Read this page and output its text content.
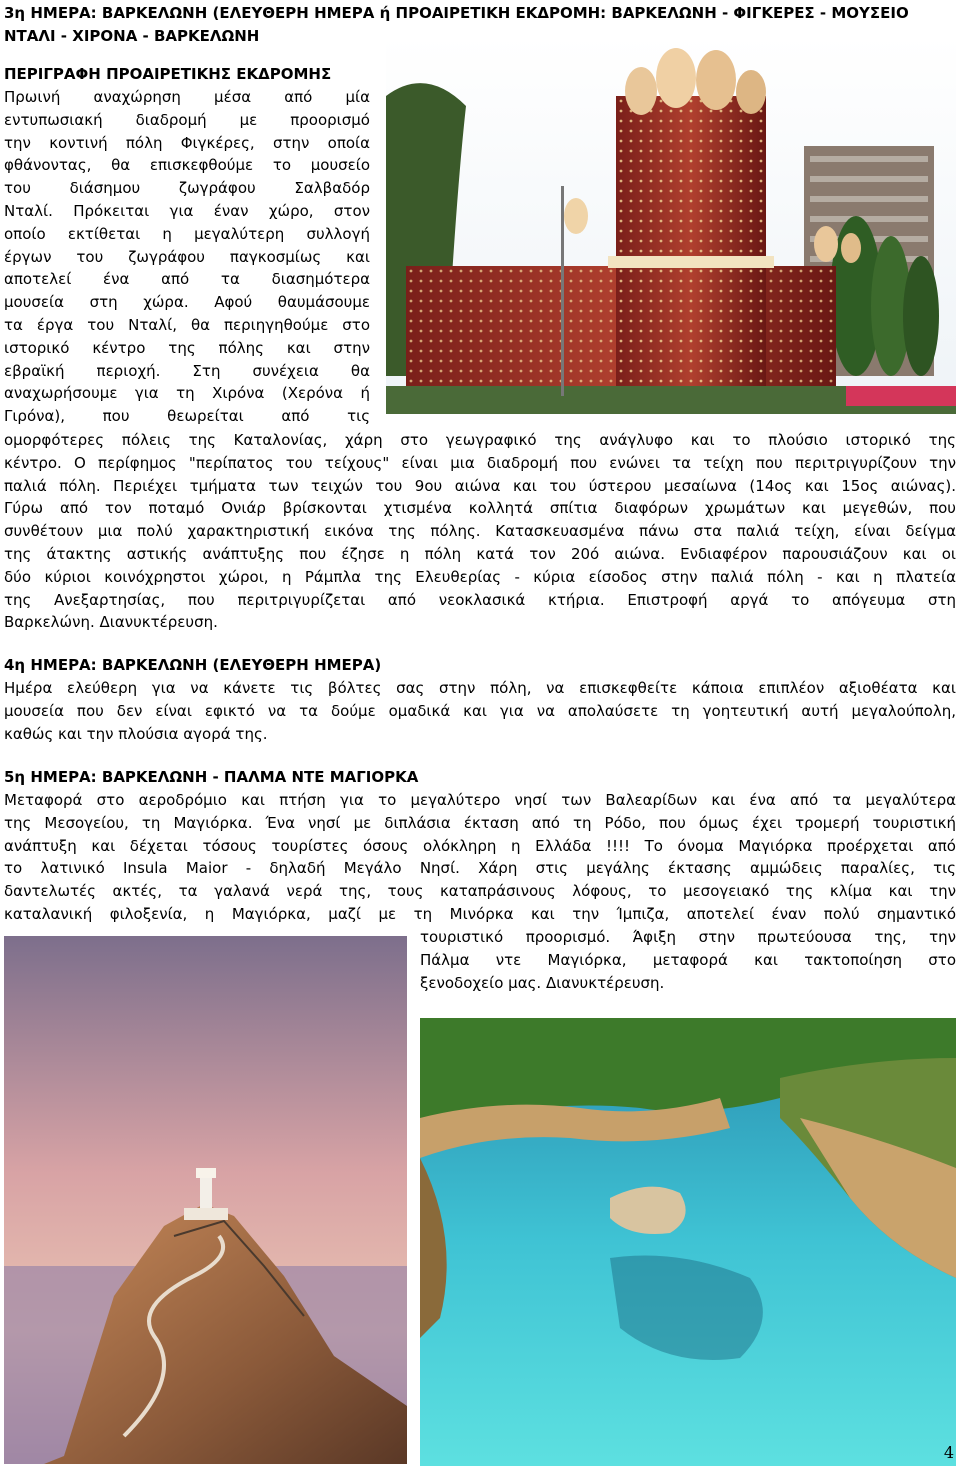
3η ΗΜΕΡΑ: ΒΑΡΚΕΛΩΝΗ (ΕΛΕΥΘΕΡΗ ΗΜΕΡΑ ή ΠΡΟΑΙΡΕΤΙΚΗ ΕΚΔΡΟΜΗ: ΒΑΡΚΕΛΩΝΗ - ΦΙΓΚΕΡΕΣ - ΜΟΥΣΕΙΟ
ΝΤΑΛΙ - ΧΙΡΟΝΑ - ΒΑΡΚΕΛΩΝΗ
ΠΕΡΙΓΡΑΦΗ ΠΡΟΑΙΡΕΤΙΚΗΣ ΕΚΔΡΟΜΗΣ
Πρωινή αναχώρηση μέσα από μία
εντυπωσιακή διαδρομή με προορισμό
την κοντινή πόλη Φιγκέρες, στην οποία
φθάνοντας, θα επισκεφθούμε το μουσείο
του διάσημου ζωγράφου Σαλβαδόρ
Νταλί. Πρόκειται για έναν χώρο, στον
οποίο εκτίθεται η μεγαλύτερη συλλογή
έργων του ζωγράφου παγκοσμίως και
αποτελεί ένα από τα διασημότερα
μουσεία στη χώρα. Αφού θαυμάσουμε
τα έργα του Νταλί, θα περιηγηθούμε στο
ιστορικό κέντρο της πόλης και στην
εβραϊκή περιοχή. Στη συνέχεια θα
αναχωρήσουμε για τη Χιρόνα (Χερόνα ή
Γιρόνα), που θεωρείται από τις
ομορφότερες πόλεις της Καταλονίας, χάρη στο γεωγραφικό της ανάγλυφο και το πλούσιο ιστορικό της
κέντρο. Ο περίφημος "περίπατος του τείχους" είναι μια διαδρομή που ενώνει τα τείχη που περιτριγυρίζουν την
παλιά πόλη. Περιέχει τμήματα των τειχών του 9ου αιώνα και του ύστερου μεσαίωνα (14ος και 15ος αιώνας).
Γύρω από τον ποταμό Ονιάρ βρίσκονται χτισμένα κολλητά σπίτια διαφόρων χρωμάτων και μεγεθών, που
συνθέτουν μια πολύ χαρακτηριστική εικόνα της πόλης. Κατασκευασμένα πάνω στα παλιά τείχη, είναι δείγμα
της άτακτης αστικής ανάπτυξης που έζησε η πόλη κατά τον 20ό αιώνα. Ενδιαφέρον παρουσιάζουν και οι
δύο κύριοι κοινόχρηστοι χώροι, η Ράμπλα της Ελευθερίας - κύρια είσοδος στην παλιά πόλη - και η πλατεία
της Ανεξαρτησίας, που περιτριγυρίζεται από νεοκλασικά κτήρια. Επιστροφή αργά το απόγευμα στη
Βαρκελώνη. Διανυκτέρευση.
4η ΗΜΕΡΑ: ΒΑΡΚΕΛΩΝΗ (ΕΛΕΥΘΕΡΗ ΗΜΕΡΑ)
Ημέρα ελεύθερη για να κάνετε τις βόλτες σας στην πόλη, να επισκεφθείτε κάποια επιπλέον αξιοθέατα και
μουσεία που δεν είναι εφικτό να τα δούμε ομαδικά και για να απολαύσετε τη γοητευτική αυτή μεγαλούπολη,
καθώς και την πλούσια αγορά της.
5η ΗΜΕΡΑ: ΒΑΡΚΕΛΩΝΗ - ΠΑΛΜΑ ΝΤΕ ΜΑΓΙΟΡΚΑ
Μεταφορά στο αεροδρόμιο και πτήση για το μεγαλύτερο νησί των Βαλεαρίδων και ένα από τα μεγαλύτερα
της Μεσογείου, τη Μαγιόρκα. Ένα νησί με διπλάσια έκταση από τη Ρόδο, που όμως έχει τρομερή τουριστική
ανάπτυξη και δέχεται τόσους τουρίστες όσους ολόκληρη η Ελλάδα !!!! Το όνομα Μαγιόρκα προέρχεται από
το λατινικό Insula Maior - δηλαδή Μεγάλο Νησί. Χάρη στις μεγάλης έκτασης αμμώδεις παραλίες, τις
δαντελωτές ακτές, τα γαλανά νερά της, τους καταπράσινους λόφους, το μεσογειακό της κλίμα και την
καταλανική φιλοξενία, η Μαγιόρκα, μαζί με τη Μινόρκα και την Ίμπιζα, αποτελεί έναν πολύ σημαντικό
τουριστικό προορισμό. Άφιξη στην πρωτεύουσα της, την
Πάλμα ντε Μαγιόρκα, μεταφορά και τακτοποίηση στο
ξενοδοχείο μας. Διανυκτέρευση.
4
